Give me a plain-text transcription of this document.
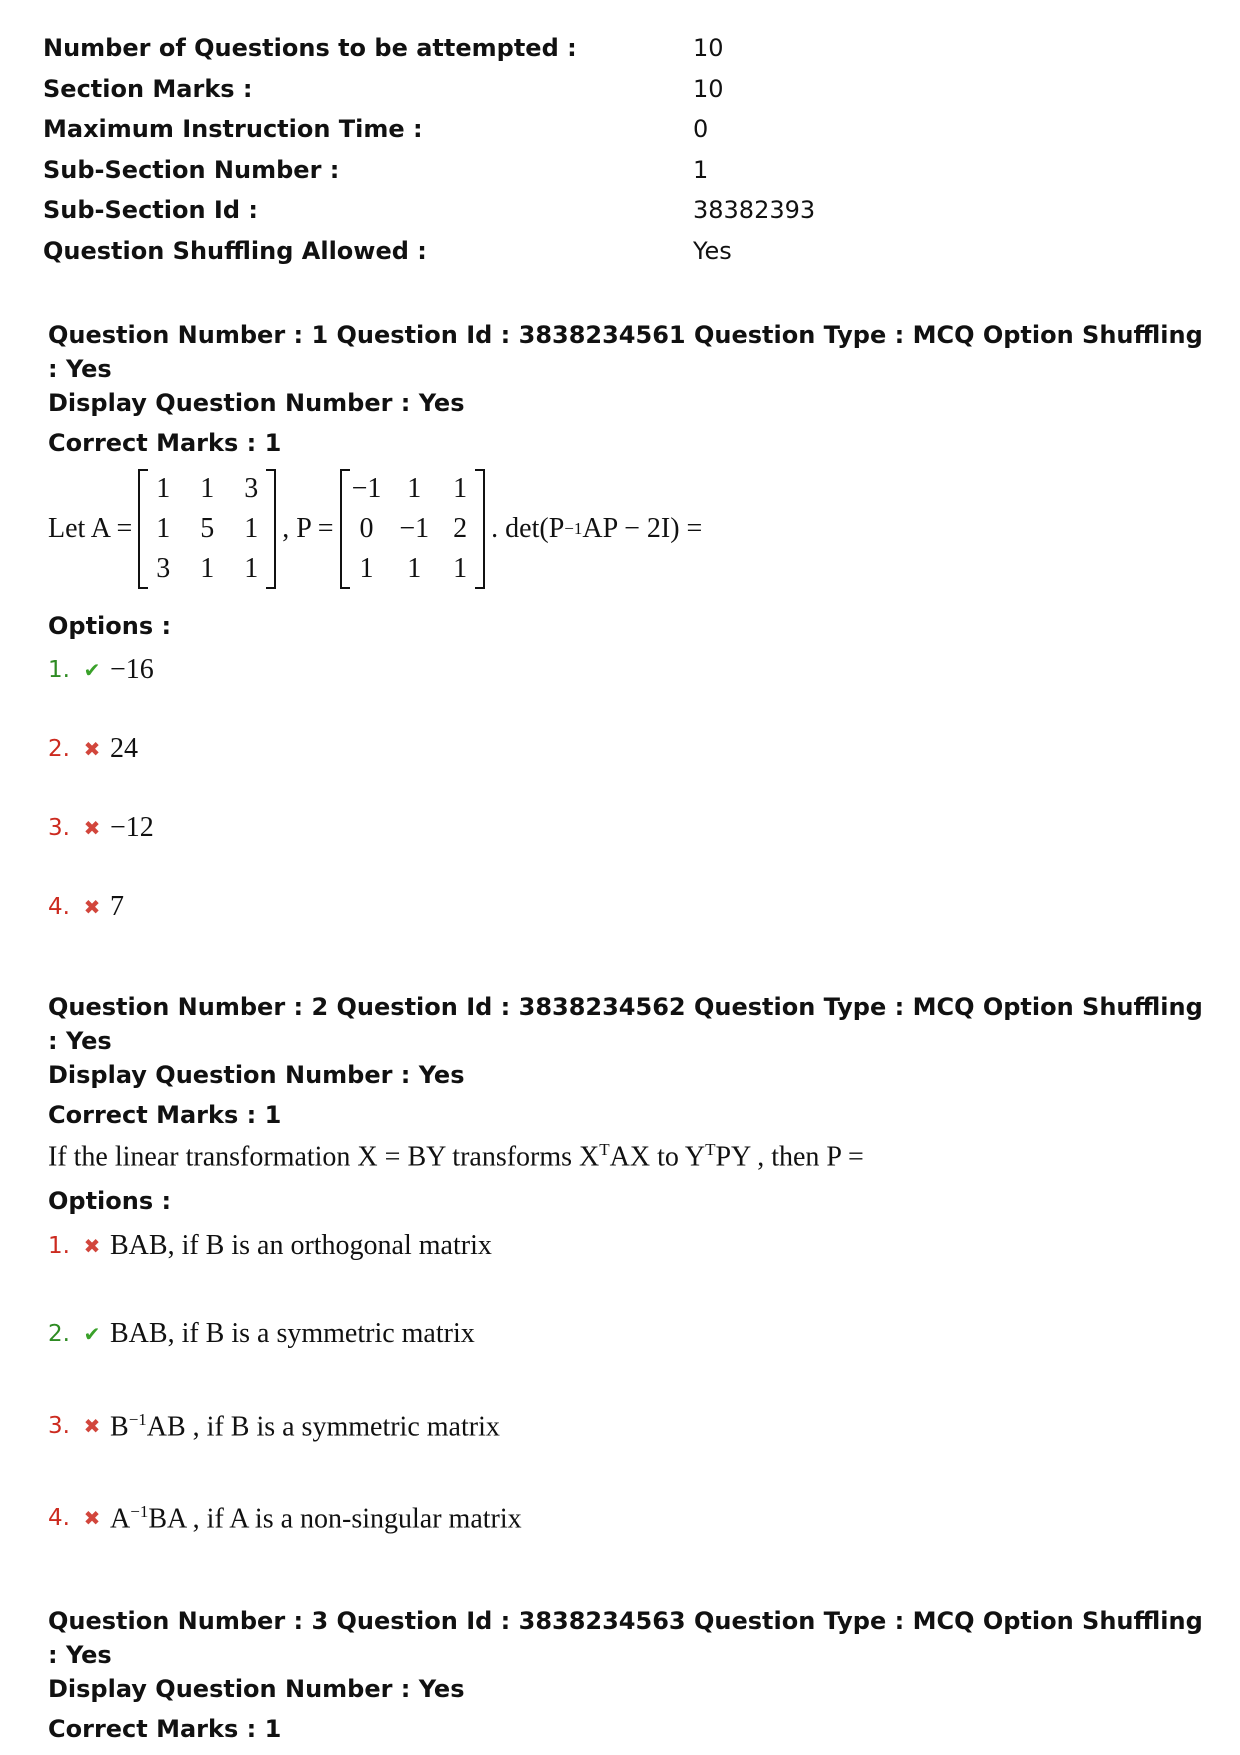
Number of Questions to be attempted :	10
Section Marks :	10
Maximum Instruction Time :	0
Sub-Section Number :	1
Sub-Section Id :	38382393
Question Shuffling Allowed :	Yes
Question Number : 1 Question Id : 3838234561 Question Type : MCQ Option Shuffling : Yes
Display Question Number : Yes
Correct Marks : 1
Let A =
1 1 3
1 5 1
3 1 1
, P =
−1 1 1
0 −1 2
1 1 1
. det(P −1 AP − 2I) =
Options :
1. ✔ −16
2. ✖ 24
3. ✖ −12
4. ✖ 7
Question Number : 2 Question Id : 3838234562 Question Type : MCQ Option Shuffling : Yes
Display Question Number : Yes
Correct Marks : 1
If the linear transformation X = BY transforms $X^TAX$ to $Y^TPY$ , then P =
Options :
1. ✖ BAB, if B is an orthogonal matrix
2. ✔ BAB, if B is a symmetric matrix
3. ✖ $B^{-1}AB$ , if B is a symmetric matrix
4. ✖ $A^{-1}BA$ , if A is a non-singular matrix
Question Number : 3 Question Id : 3838234563 Question Type : MCQ Option Shuffling : Yes
Display Question Number : Yes
Correct Marks : 1
